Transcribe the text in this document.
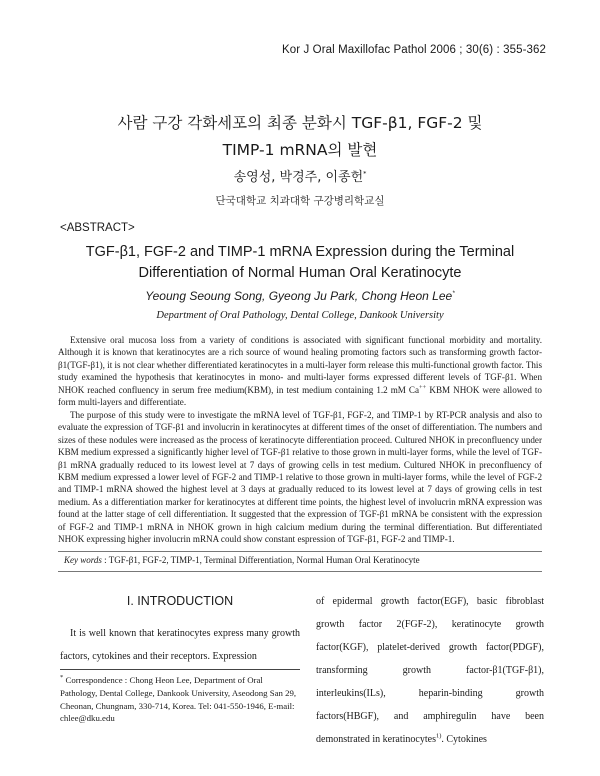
Kor J Oral Maxillofac Pathol 2006 ; 30(6) : 355-362
사람 구강 각화세포의 최종 분화시 TGF-β1, FGF-2 및
TIMP-1 mRNA의 발현
송영성, 박경주, 이종헌*
단국대학교 치과대학 구강병리학교실
<ABSTRACT>
TGF-β1, FGF-2 and TIMP-1 mRNA Expression during the Terminal
Differentiation of Normal Human Oral Keratinocyte
Yeoung Seoung Song, Gyeong Ju Park, Chong Heon Lee*
Department of Oral Pathology, Dental College, Dankook University

Extensive oral mucosa loss from a variety of conditions is associated with significant functional morbidity and mortality. Although it is known that keratinocytes are a rich source of wound healing promoting factors such as transforming growth factor-β1(TGF-β1), it is not clear whether differentiated keratinocytes in a multi-layer form release this multi-functional growth factor. This study examined the hypothesis that keratinocytes in mono- and multi-layer forms expressed different levels of TGF-β1. When NHOK reached confluency in serum free medium(KBM), in test medium containing 1.2 mM Ca++ KBM NHOK were allowed to form multi-layers and differentiate.

The purpose of this study were to investigate the mRNA level of TGF-β1, FGF-2, and TIMP-1 by RT-PCR analysis and also to evaluate the expression of TGF-β1 and involucrin in keratinocytes at different times of the onset of differentiation. The numbers and sizes of these nodules were increased as the process of keratinocyte differentiation proceed. Cultured NHOK in preconfluency under KBM medium expressed a significantly higher level of TGF-β1 relative to those grown in multi-layer forms, while the level of TGF-β1 mRNA gradually reduced to its lowest level at 7 days of growing cells in test medium. Cultured NHOK in preconfluency of KBM medium expressed a lower level of FGF-2 and TIMP-1 relative to those grown in multi-layer forms, while the level of FGF-2 and TIMP-1 mRNA showed the highest level at 3 days at gradually reduced to its lowest level at 7 days of growing cells in test medium. As a differentiation marker for keratinocytes at different time points, the highest level of involucrin mRNA expression was found at the latter stage of cell differentiation. It suggested that the expression of TGF-β1 mRNA be consistent with the expression of FGF-2 and TIMP-1 mRNA in NHOK grown in high calcium medium during the terminal differentiation. But differentiated NHOK expressing higher involucrin mRNA could show constant espression of TGF-β1, FGF-2 and TIMP-1.

Key words : TGF-β1, FGF-2, TIMP-1, Terminal Differentiation, Normal Human Oral Keratinocyte
I. INTRODUCTION

It is well known that keratinocytes express many growth factors, cytokines and their receptors. Expression

of epidermal growth factor(EGF), basic fibroblast growth factor 2(FGF-2), keratinocyte growth factor(KGF), platelet-derived growth factor(PDGF), transforming growth factor-β1(TGF-β1), interleukins(ILs), heparin-binding growth factors(HBGF), and amphiregulin have been demonstrated in keratinocytes$^{1)}$. Cytokines

* Correspondence : Chong Heon Lee, Department of Oral Pathology, Dental College, Dankook University, Aseodong San 29, Cheonan, Chungnam, 330-714, Korea. Tel: 041-550-1946, E-mail: chlee@dku.edu
